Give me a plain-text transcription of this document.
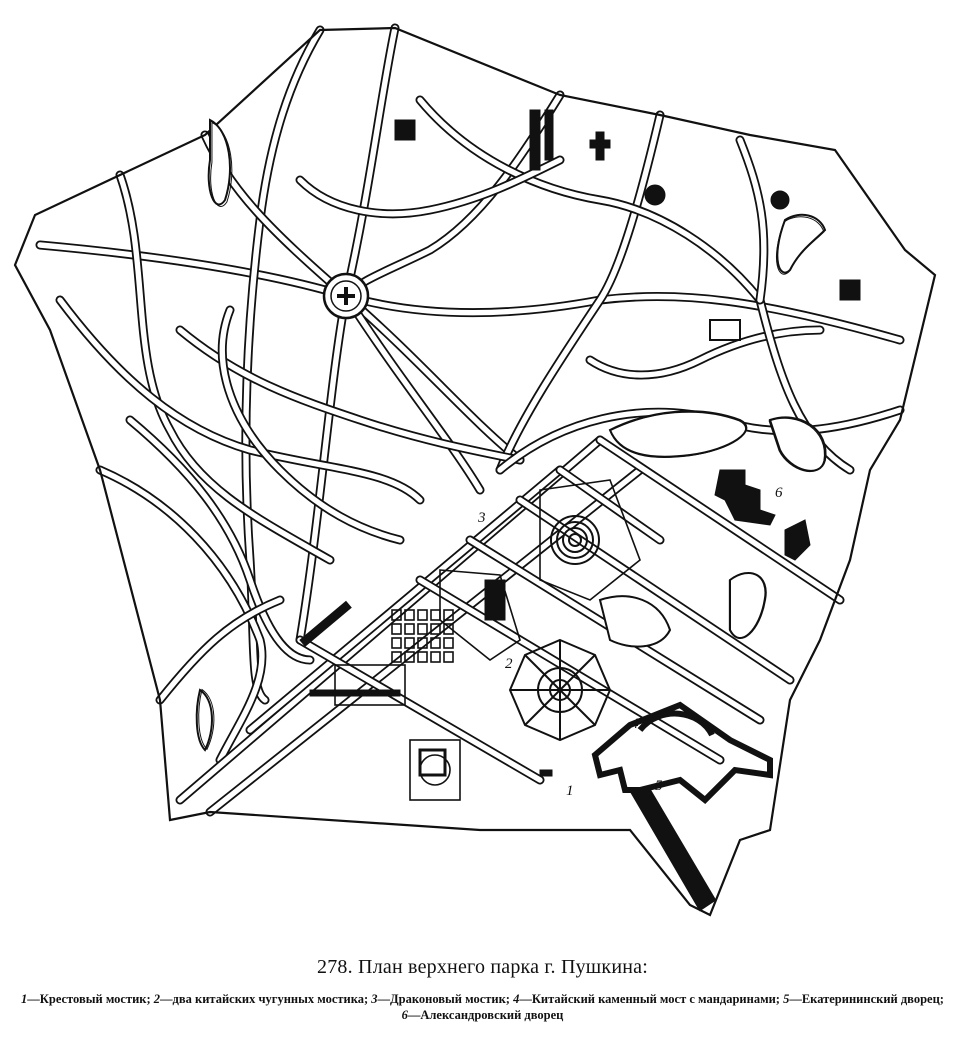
1
2
3
4
5
6
278. План верхнего парка г. Пушкина:
1—Крестовый мостик; 2—два китайских чугунных мостика; 3—Драконовый мостик; 4—Китайский каменный мост с мандаринами; 5—Екатерининский дворец; 6—Александровский дворец
